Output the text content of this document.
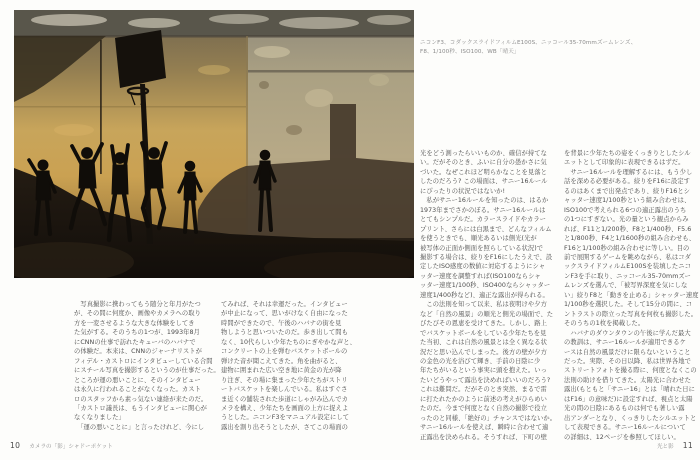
　写真撮影に携わってもう随分と年月がたつ
が、その間に何度か、画像やカメラへの取り
方を一変させるような大きな体験をしてき
た気がする。そのうちの1つが、1993年8月
にCNNの仕事で訪れたキューバのハバナで
の体験だ。本来は、CNNのジャーナリストが
フィデル・カストロにインタビューしている合間
にスチール写真を撮影するというのが仕事だった。
ところが運の悪いことに、そのインタビュー
は永久に行われることがなくなった。カスト
ロのスタッフから素っ気ない連絡が来たのだ。
「カストロ議長は、もうインタビューに関心が
なくなりました」
　「運の悪いことに」と言ったけれど、今にし
てみれば、それは幸運だった。インタビュー
が中止になって、思いがけなく自由になった
時間ができたので、午後のハバナの街を見
物しようと思いついたのだ。歩き出して間も
なく、10代らしい少年たちのにぎやかな声と、
コンクリートの上を弾むバスケットボールの
弾けた音が聞こえてきた。角を曲がると、
建物に囲まれた広い空き地に黄金の光が降
り注ぎ、その場に集まった少年たちがストリ
ートバスケットを楽しんでいる。私はすぐさ
ま近くの舗装された歩道にしゃがみ込んでカ
メラを構え、少年たちを画面の上方に捉えよ
うとした。ニコンF3をマニュアル設定にして
露出を割り出そうとしたが、さてこの場面の
ニコンF3、コダックスライドフィルムE100S、ニッコール35-70mmズームレンズ、
F8、1/100秒、ISO100、WB「晴天」
光をどう測ったらいいものか、確信が持てな
い。だがそのとき、ふいに自分の愚かさに気
づいた。なぜこれほど明らかなことを見落と
したのだろう? この場面は、サニー16ルール
にぴったりの状況ではないか!
　私がサニー16ルールを知ったのは、はるか
1973年までさかのぼる。サニー16ルールは
とてもシンプルだ。カラースライドやカラー
プリント、さらには白黒まで、どんなフィルム
を使うときでも、順光あるいは側光(光が
被写体の正面か側面を照らしている状況)で
撮影する場合は、絞りをF16にしたうえで、設
定したISO感度の数値に対応するようにシャ
ッター速度を調整すれば(ISO100ならシャ
ッター速度1/100秒、ISO400ならシャッター
速度1/400秒など)、適正な露出が得られる。
　この法則を知って以来、私は夜明けや夕方
など「自然の風景」の順光と側光の場面で、た
びたびその恩恵を受けてきた。しかし、路上
でバスケットボールをしている少年たちを見
た当初、これは自然の風景とは全く異なる状
況だと思い込んでしまった。後方の壁が夕方
の金色の光を浴びて輝き、手前の日陰に少
年たちがいるという事実に頭を抱えた。いっ
たいどうやって露出を決めればいいのだろう?
これは難問だ。だがそのとき突然、まるで雷
に打たれたかのように前述の考えがひらめい
たのだ。今まで何度となく自然の撮影で役立
ったのと同様、「絶好の」チャンスではないか。
サニー16ルールを使えば、瞬時に合わせて適
正露出を決められる。そうすれば、下町の壁
を背景に少年たちの姿をくっきりとしたシル
エットとして印象的に表現できるはずだ。
　サニー16ルールを理解するには、もう少し
話を深める必要がある。絞りをF16に設定す
るのはあくまで出発点であり、絞りF16とシ
ャッター速度1/100秒という組み合わせは、
ISO100で考えられる6つの適正露出のうち
の1つにすぎない。光の量という観点からみ
れば、F11と1/200秒、F8と1/400秒、F5.6
と1/800秒、F4と1/1600秒の組み合わせも、
F16と1/100秒の組み合わせに等しい。目の
前で展開するゲームを眺めながら、私はコダ
ックスライドフィルムE100Sを装填したニコ
ンF3を手に取り、ニッコール35-70mmズー
ムレンズを選んで、「被写界深度を気にしな
い」絞りF8と「動きを止める」シャッター速度
1/100秒を選択した。そして15分の間に、コ
ントラストの際立った写真を何枚も撮影した。
そのうちの1枚を掲載した。
　ハバナのダウンタウンの午後に学んだ最大
の教訓は、サニー16ルールが適用できるケ
ースは自然の風景だけに限らないということ
だった。実際、その日以降、私は世界各地で
ストリートフォトを撮る際に、何度となくこの
法則の助けを借りてきた。太陽光に合わせた
露出(もともと「サニー16」とは「晴れた日に
はF16」の意味だ)に設定すれば、視点と太陽
光の間の日陰にあるものは何でも著しい露
出アンダーとなり、くっきりしたシルエットと
して表現できる。サニー16ルールについて
の詳細は、12ページを参照してほしい。
10 カメラの「影」シャドーポケット	光と影 11
